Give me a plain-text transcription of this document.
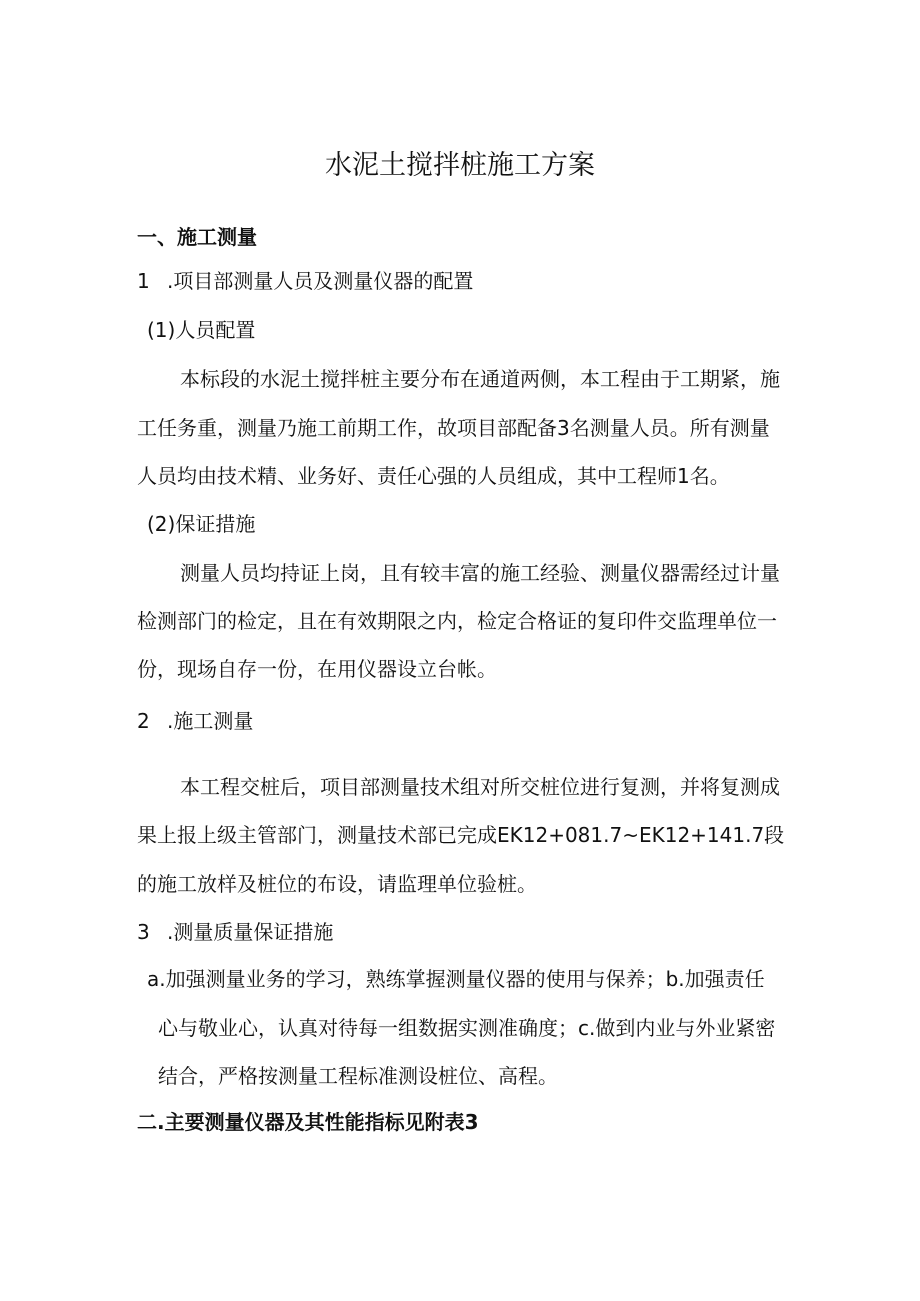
水泥土搅拌桩施工方案
一、施工测量
1 .项目部测量人员及测量仪器的配置
(1)人员配置
本标段的水泥土搅拌桩主要分布在通道两侧，本工程由于工期紧，施
工任务重，测量乃施工前期工作，故项目部配备3名测量人员。所有测量
人员均由技术精、业务好、责任心强的人员组成，其中工程师1名。
(2)保证措施
测量人员均持证上岗，且有较丰富的施工经验、测量仪器需经过计量
检测部门的检定，且在有效期限之内，检定合格证的复印件交监理单位一
份，现场自存一份，在用仪器设立台帐。
2 .施工测量
本工程交桩后，项目部测量技术组对所交桩位进行复测，并将复测成
果上报上级主管部门，测量技术部已完成EK12+081.7~EK12+141.7段
的施工放样及桩位的布设，请监理单位验桩。
3 .测量质量保证措施
a.加强测量业务的学习，熟练掌握测量仪器的使用与保养；b.加强责任
心与敬业心，认真对待每一组数据实测准确度；c.做到内业与外业紧密
结合，严格按测量工程标准测设桩位、高程。
二.主要测量仪器及其性能指标见附表3
